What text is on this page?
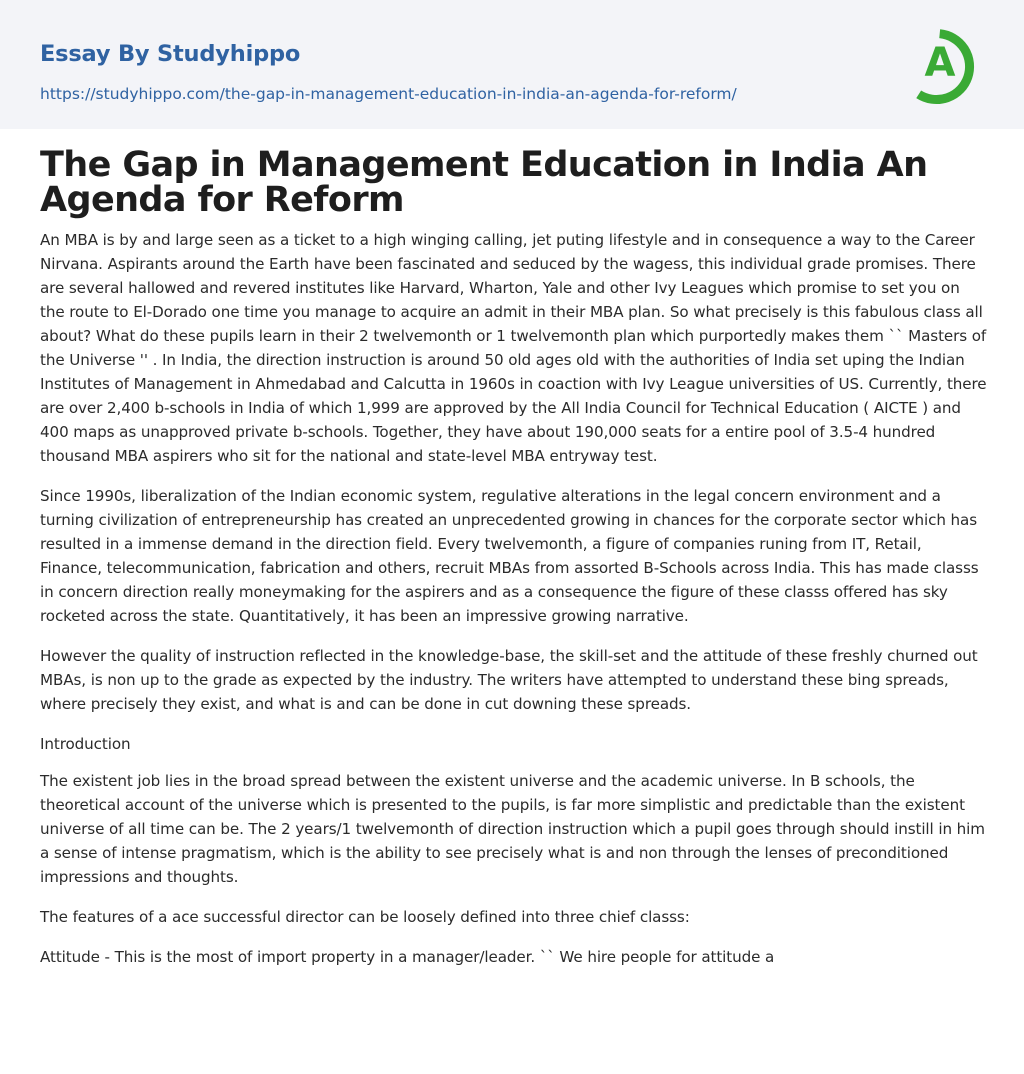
Essay By Studyhippo
https://studyhippo.com/the-gap-in-management-education-in-india-an-agenda-for-reform/
A
The Gap in Management Education in India An Agenda for Reform

An MBA is by and large seen as a ticket to a high winging calling, jet puting lifestyle and in consequence a way to the Career Nirvana. Aspirants around the Earth have been fascinated and seduced by the wagess, this individual grade promises. There are several hallowed and revered institutes like Harvard, Wharton, Yale and other Ivy Leagues which promise to set you on the route to El-Dorado one time you manage to acquire an admit in their MBA plan. So what precisely is this fabulous class all about? What do these pupils learn in their 2 twelvemonth or 1 twelvemonth plan which purportedly makes them `` Masters of the Universe '' . In India, the direction instruction is around 50 old ages old with the authorities of India set uping the Indian Institutes of Management in Ahmedabad and Calcutta in 1960s in coaction with Ivy League universities of US. Currently, there are over 2,400 b-schools in India of which 1,999 are approved by the All India Council for Technical Education ( AICTE ) and 400 maps as unapproved private b-schools. Together, they have about 190,000 seats for a entire pool of 3.5-4 hundred thousand MBA aspirers who sit for the national and state-level MBA entryway test.

Since 1990s, liberalization of the Indian economic system, regulative alterations in the legal concern environment and a turning civilization of entrepreneurship has created an unprecedented growing in chances for the corporate sector which has resulted in a immense demand in the direction field. Every twelvemonth, a figure of companies runing from IT, Retail, Finance, telecommunication, fabrication and others, recruit MBAs from assorted B-Schools across India. This has made classs in concern direction really moneymaking for the aspirers and as a consequence the figure of these classs offered has sky rocketed across the state. Quantitatively, it has been an impressive growing narrative.

However the quality of instruction reflected in the knowledge-base, the skill-set and the attitude of these freshly churned out MBAs, is non up to the grade as expected by the industry. The writers have attempted to understand these bing spreads, where precisely they exist, and what is and can be done in cut downing these spreads.

Introduction

The existent job lies in the broad spread between the existent universe and the academic universe. In B schools, the theoretical account of the universe which is presented to the pupils, is far more simplistic and predictable than the existent universe of all time can be. The 2 years/1 twelvemonth of direction instruction which a pupil goes through should instill in him a sense of intense pragmatism, which is the ability to see precisely what is and non through the lenses of preconditioned impressions and thoughts.

The features of a ace successful director can be loosely defined into three chief classs:

Attitude - This is the most of import property in a manager/leader. `` We hire people for attitude a
